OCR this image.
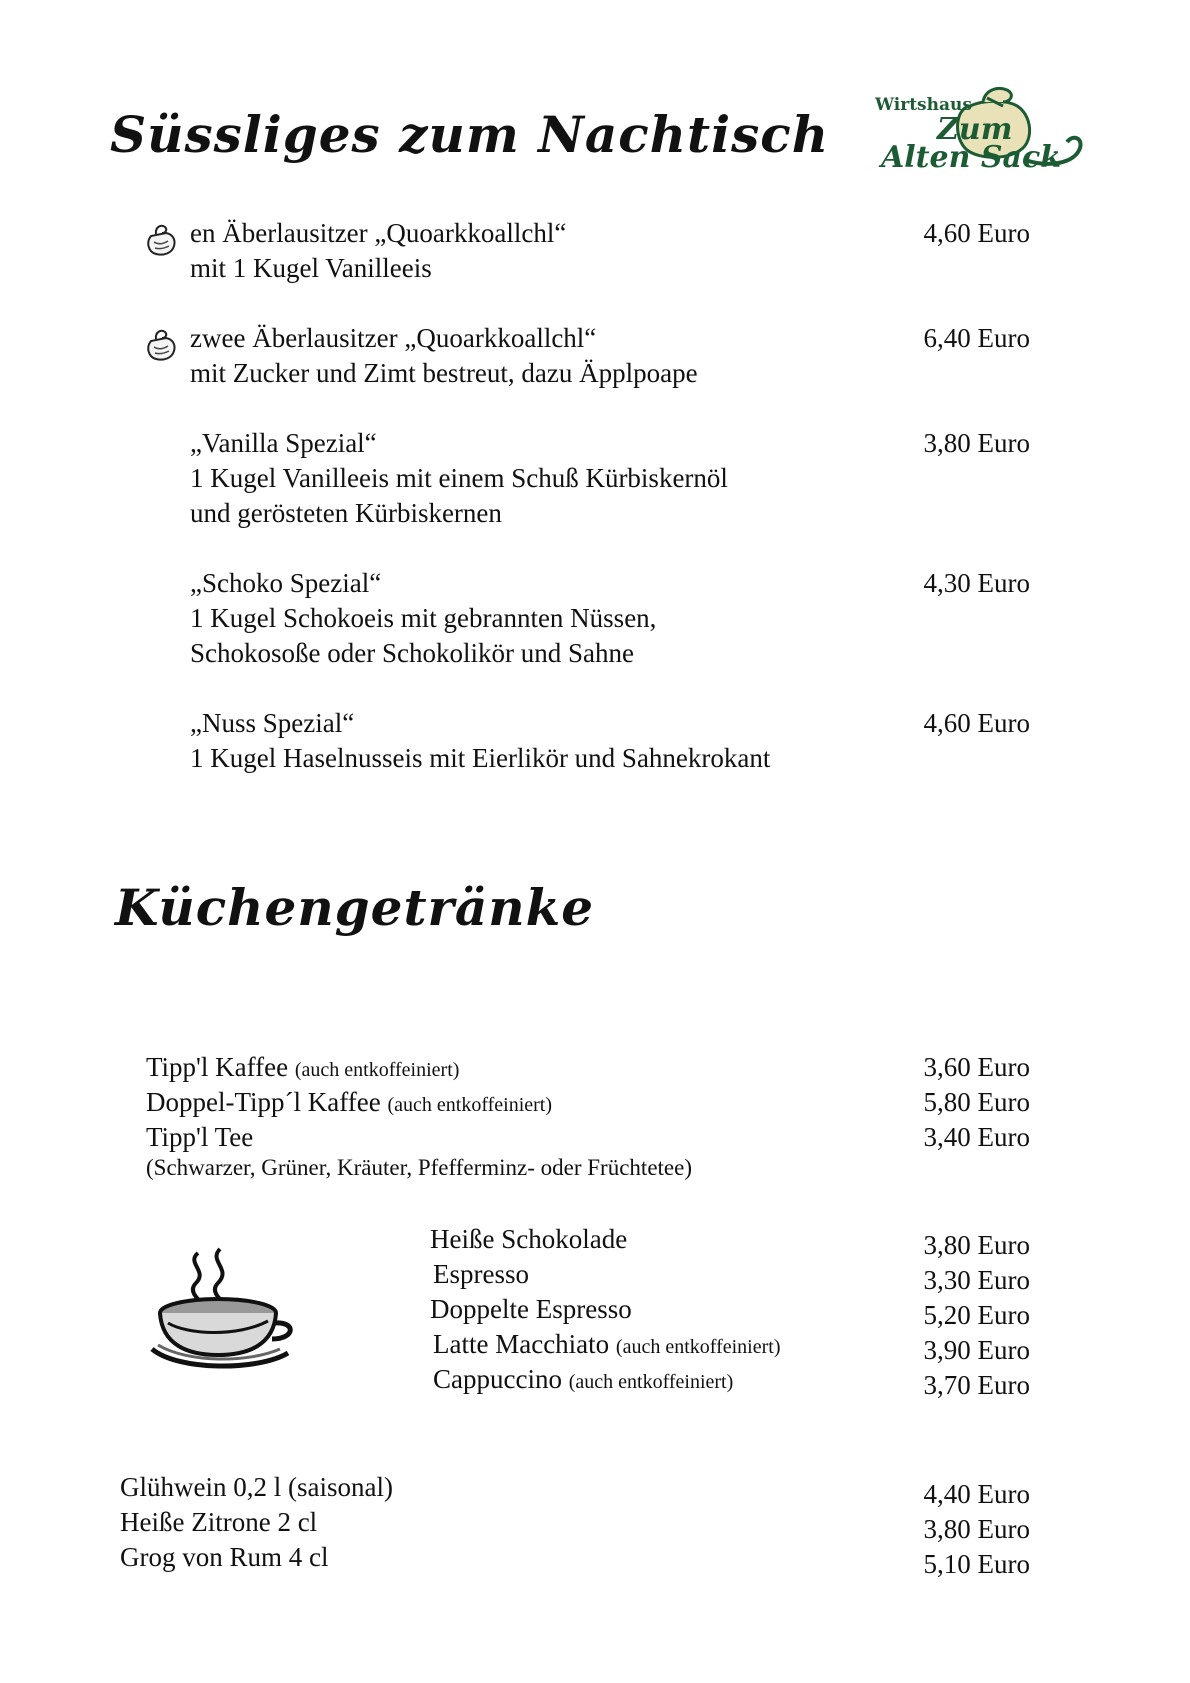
Süssliges zum Nachtisch	Wirtshaus
Zum
Alten Sack
en Äberlausitzer „Quoarkkoallchl“
mit 1 Kugel Vanilleeis
4,60 Euro
zwee Äberlausitzer „Quoarkkoallchl“
mit Zucker und Zimt bestreut, dazu Äpplpoape
6,40 Euro
„Vanilla Spezial“
1 Kugel Vanilleeis mit einem Schuß Kürbiskernöl
und gerösteten Kürbiskernen
3,80 Euro
„Schoko Spezial“
1 Kugel Schokoeis mit gebrannten Nüssen,
Schokosoße oder Schokolikör und Sahne
4,30 Euro
„Nuss Spezial“
1 Kugel Haselnusseis mit Eierlikör und Sahnekrokant
4,60 Euro
Küchengetränke
Tipp'l Kaffee (auch entkoffeiniert)	3,60 Euro
Doppel-Tipp´l Kaffee (auch entkoffeiniert)	5,80 Euro
Tipp'l Tee	3,40 Euro
(Schwarzer, Grüner, Kräuter, Pfefferminz- oder Früchtetee)
Heiße Schokolade	3,80 Euro
Espresso	3,30 Euro
Doppelte Espresso	5,20 Euro
Latte Macchiato (auch entkoffeiniert)	3,90 Euro
Cappuccino (auch entkoffeiniert)	3,70 Euro
Glühwein 0,2 l (saisonal)	4,40 Euro
Heiße Zitrone 2 cl	3,80 Euro
Grog von Rum 4 cl	5,10 Euro
